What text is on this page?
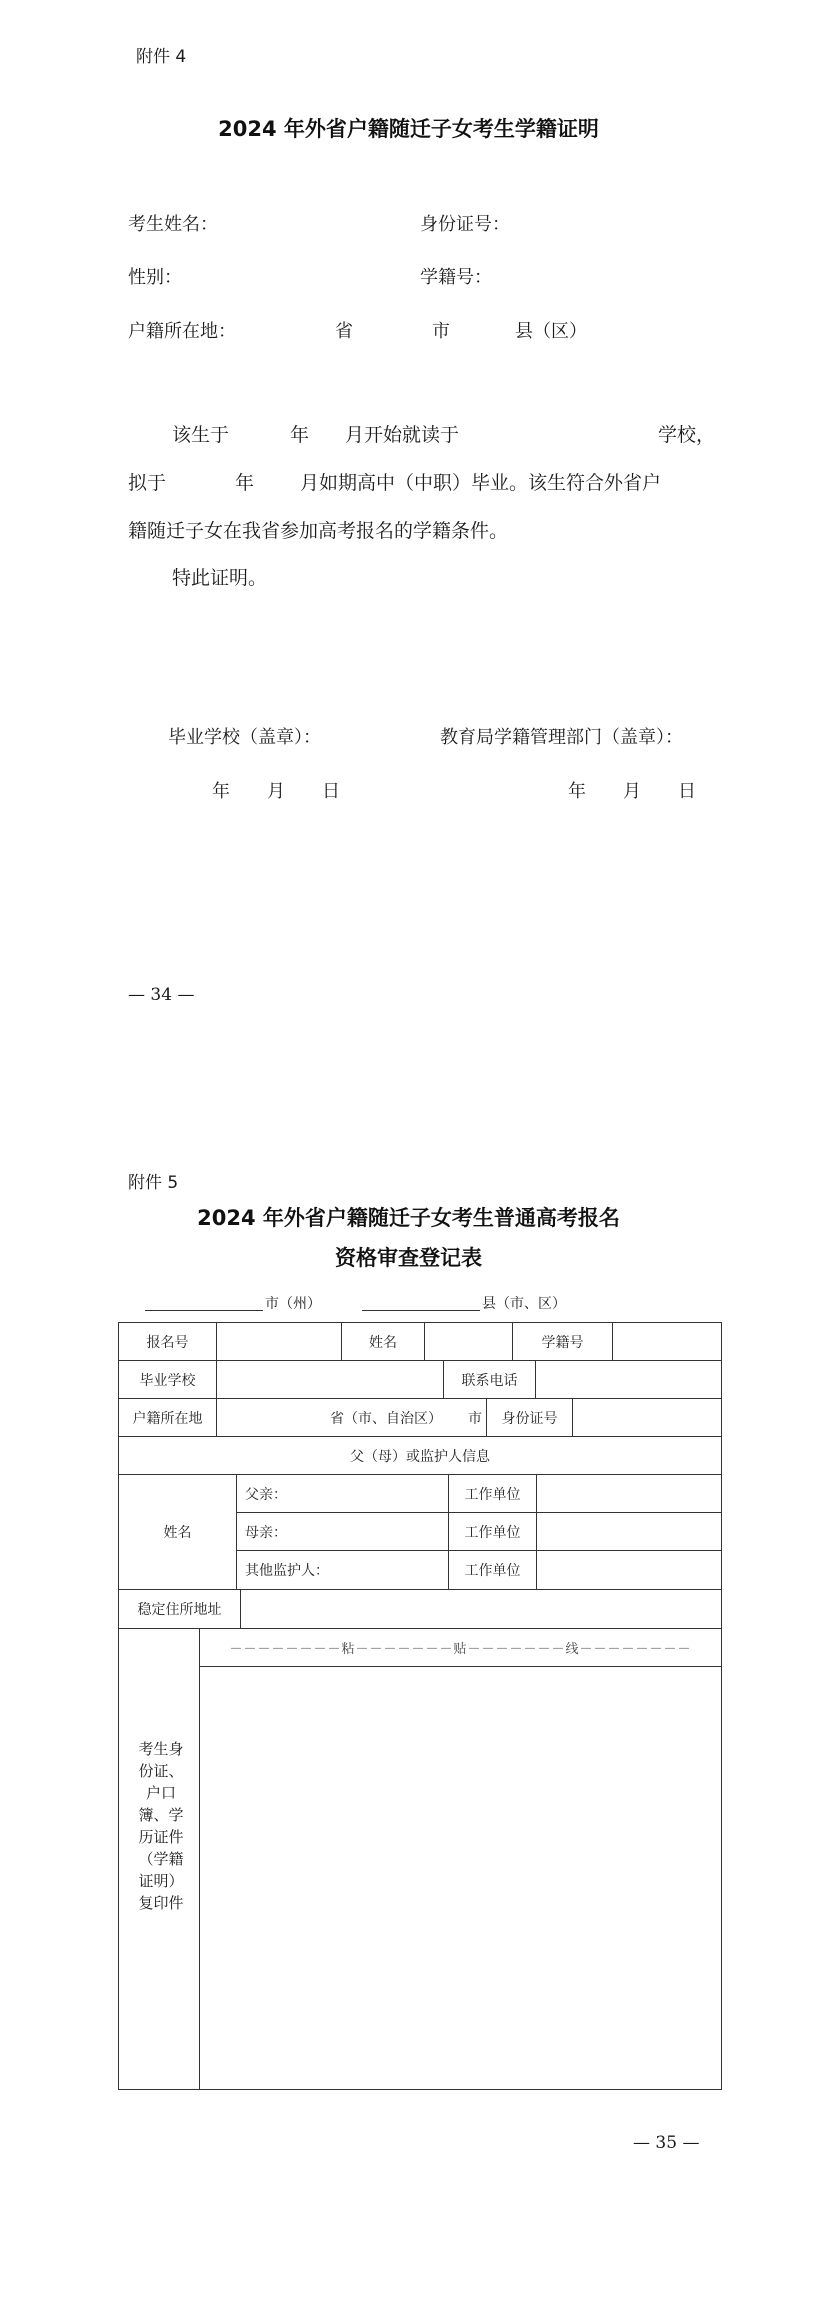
附件 4
2024 年外省户籍随迁子女考生学籍证明
考生姓名：	身份证号：
性别：	学籍号：
户籍所在地：	省	市	县（区）
该生于	年 月开始就读于	学校，
拟于	年 月如期高中（中职）毕业。该生符合外省户
籍随迁子女在我省参加高考报名的学籍条件。
特此证明。
毕业学校（盖章）：	教育局学籍管理部门（盖章）：
年 月 日	年 月 日
— 34 —
附件 5
2024 年外省户籍随迁子女考生普通高考报名
资格审查登记表
市（州）	县（市、区）
报名号	姓名	学籍号
毕业学校	联系电话
户籍所在地	省（市、自治区）	市	身份证号
父（母）或监护人信息
姓名
父亲：	工作单位
母亲：	工作单位
其他监护人：	工作单位
稳定住所地址
－－－－－－－－粘－－－－－－－贴－－－－－－－线－－－－－－－－
考生身份证、户口簿、学历证件（学籍证明）复印件
— 35 —
